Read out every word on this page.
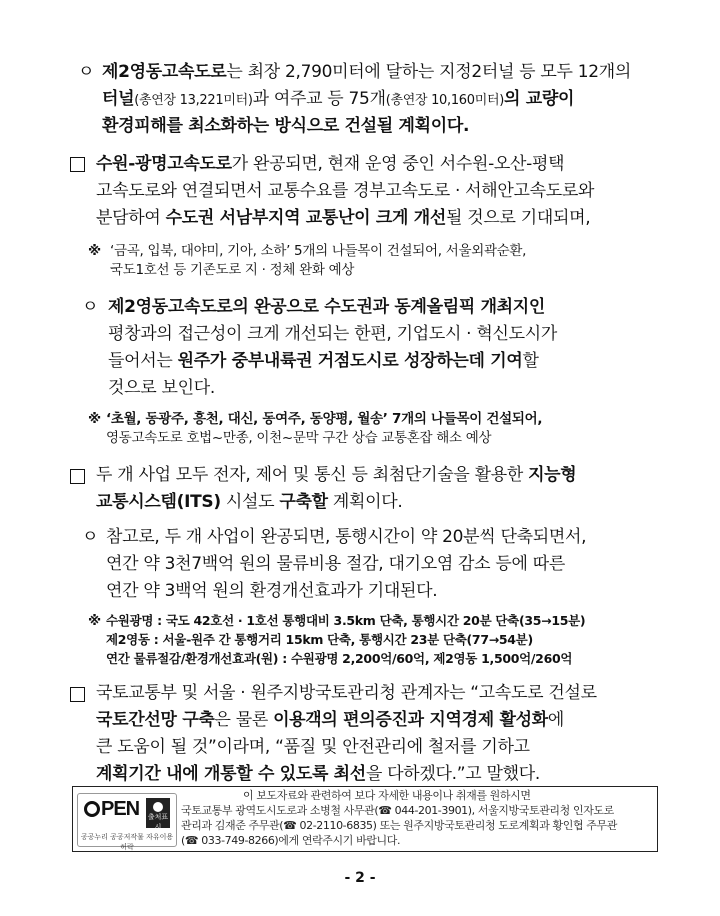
ㅇ 제2영동고속도로는 최장 2,790미터에 달하는 지정2터널 등 모두 12개의
터널(총연장 13,221미터)과 여주교 등 75개(총연장 10,160미터)의 교량이
환경피해를 최소화하는 방식으로 건설될 계획이다.
수원-광명고속도로가 완공되면, 현재 운영 중인 서수원-오산-평택
고속도로와 연결되면서 교통수요를 경부고속도로 · 서해안고속도로와
분담하여 수도권 서남부지역 교통난이 크게 개선될 것으로 기대되며,
※ ‘금곡, 입북, 대야미, 기아, 소하’ 5개의 나들목이 건설되어, 서울외곽순환,
국도1호선 등 기존도로 지 · 정체 완화 예상
ㅇ 제2영동고속도로의 완공으로 수도권과 동계올림픽 개최지인
평창과의 접근성이 크게 개선되는 한편, 기업도시 · 혁신도시가
들어서는 원주가 중부내륙권 거점도시로 성장하는데 기여할
것으로 보인다.
※ ‘초월, 동광주, 흥천, 대신, 동여주, 동양평, 월송’ 7개의 나들목이 건설되어,
영동고속도로 호법~만종, 이천~문막 구간 상습 교통혼잡 해소 예상
두 개 사업 모두 전자, 제어 및 통신 등 최첨단기술을 활용한 지능형
교통시스템(ITS) 시설도 구축할 계획이다.
ㅇ 참고로, 두 개 사업이 완공되면, 통행시간이 약 20분씩 단축되면서,
연간 약 3천7백억 원의 물류비용 절감, 대기오염 감소 등에 따른
연간 약 3백억 원의 환경개선효과가 기대된다.
※ 수원광명 : 국도 42호선 · 1호선 통행대비 3.5km 단축, 통행시간 20분 단축(35→15분)
제2영동 : 서울-원주 간 통행거리 15km 단축, 통행시간 23분 단축(77→54분)
연간 물류절감/환경개선효과(원) : 수원광명 2,200억/60억, 제2영동 1,500억/260억
국토교통부 및 서울 · 원주지방국토관리청 관계자는 “고속도로 건설로
국토간선망 구축은 물론 이용객의 편의증진과 지역경제 활성화에
큰 도움이 될 것”이라며, “품질 및 안전관리에 철저를 기하고
계획기간 내에 개통할 수 있도록 최선을 다하겠다.”고 말했다.
PEN 출처표시
공공누리 공공저작물 자유이용허락
이 보도자료와 관련하여 보다 자세한 내용이나 취재를 원하시면
국토교통부 광역도시도로과 소병철 사무관(☎ 044-201-3901), 서울지방국토관리청 인자도로
관리과 김재준 주무관(☎ 02-2110-6835) 또는 원주지방국토관리청 도로계획과 황인협 주무관
(☎ 033-749-8266)에게 연락주시기 바랍니다.
- 2 -
